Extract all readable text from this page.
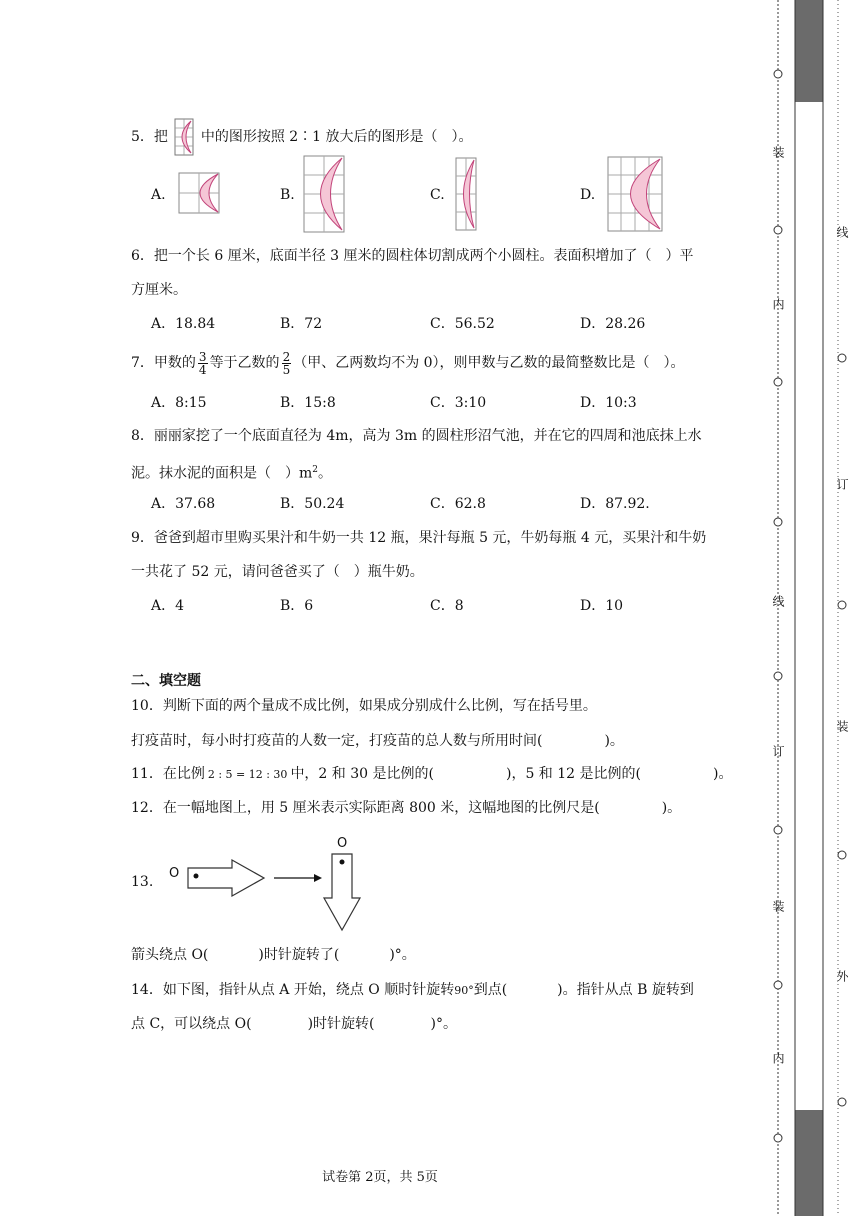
5．把 中的图形按照 2∶1 放大后的图形是（　）。
A.	B.	C.	D.
6．把一个长 6 厘米，底面半径 3 厘米的圆柱体切割成两个小圆柱。表面积增加了（　）平
方厘米。
A．18.84	B．72	C．56.52	D．28.26
7．甲数的 $\frac{3}{4}$ 等于乙数的 $\frac{2}{5}$ （甲、乙两数均不为 0），则甲数与乙数的最简整数比是（　）。
A．8:15	B．15:8	C．3:10	D．10:3
8．丽丽家挖了一个底面直径为 4m，高为 3m 的圆柱形沼气池，并在它的四周和池底抹上水
泥。抹水泥的面积是（　）$m^2$。
A．37.68	B．50.24	C．62.8	D．87.92.
9．爸爸到超市里购买果汁和牛奶一共 12 瓶，果汁每瓶 5 元，牛奶每瓶 4 元，买果汁和牛奶
一共花了 52 元，请问爸爸买了（　）瓶牛奶。
A．4	B．6	C．8	D．10
二、填空题
10．判断下面的两个量成不成比例，如果成分别成什么比例，写在括号里。
打疫苗时，每小时打疫苗的人数一定，打疫苗的总人数与所用时间(	)。
11．在比例 2 : 5 = 12 : 30 中，2 和 30 是比例的(	)，5 和 12 是比例的(	)。
12．在一幅地图上，用 5 厘米表示实际距离 800 米，这幅地图的比例尺是(	)。
13.
O
O
箭头绕点 O(	)时针旋转了(	)°。
14．如下图，指针从点 A 开始，绕点 O 顺时针旋转90°到点(	)。指针从点 B 旋转到
点 C，可以绕点 O(	)时针旋转(	)°。
试卷第 2页，共 5页
装
内
订
线
装
内
线
订
装
外
